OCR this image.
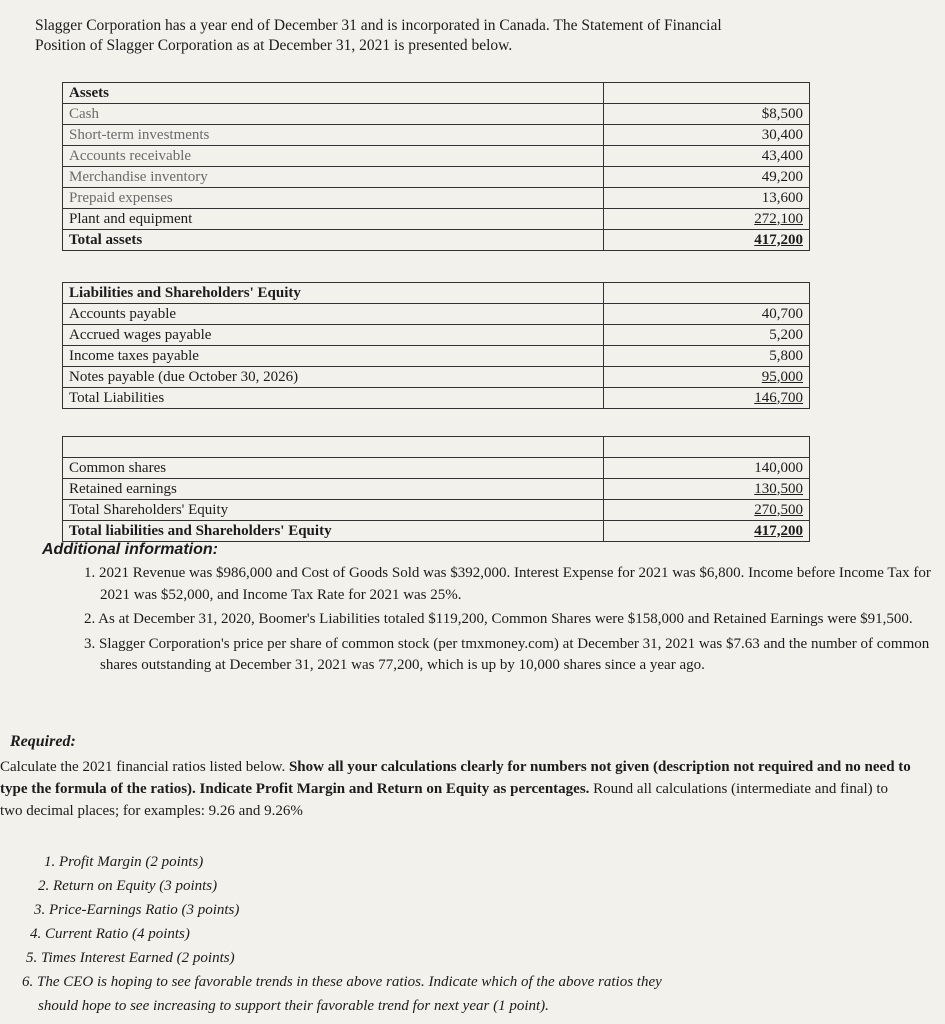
Slagger Corporation has a year end of December 31 and is incorporated in Canada. The Statement of Financial
Position of Slagger Corporation as at December 31, 2021 is presented below.
Assets	
Cash	$8,500
Short-term investments	30,400
Accounts receivable	43,400
Merchandise inventory	49,200
Prepaid expenses	13,600
Plant and equipment	272,100
Total assets	417,200
Liabilities and Shareholders' Equity	
Accounts payable	40,700
Accrued wages payable	5,200
Income taxes payable	5,800
Notes payable (due October 30, 2026)	95,000
Total Liabilities	146,700

Common shares	140,000
Retained earnings	130,500
Total Shareholders' Equity	270,500
Total liabilities and Shareholders' Equity	417,200
Additional information:
1. 2021 Revenue was $986,000 and Cost of Goods Sold was $392,000. Interest Expense for 2021 was $6,800. Income before Income Tax for 2021 was $52,000, and Income Tax Rate for 2021 was 25%.
2. As at December 31, 2020, Boomer's Liabilities totaled $119,200, Common Shares were $158,000 and Retained Earnings were $91,500.
3. Slagger Corporation's price per share of common stock (per tmxmoney.com) at December 31, 2021 was $7.63 and the number of common shares outstanding at December 31, 2021 was 77,200, which is up by 10,000 shares since a year ago.
Required:
Calculate the 2021 financial ratios listed below. Show all your calculations clearly for numbers not given (description not required and no need to type the formula of the ratios). Indicate Profit Margin and Return on Equity as percentages. Round all calculations (intermediate and final) to two decimal places; for examples: 9.26 and 9.26%
1. Profit Margin (2 points)
2. Return on Equity (3 points)
3. Price-Earnings Ratio (3 points)
4. Current Ratio (4 points)
5. Times Interest Earned (2 points)
6. The CEO is hoping to see favorable trends in these above ratios. Indicate which of the above ratios they
should hope to see increasing to support their favorable trend for next year (1 point).
